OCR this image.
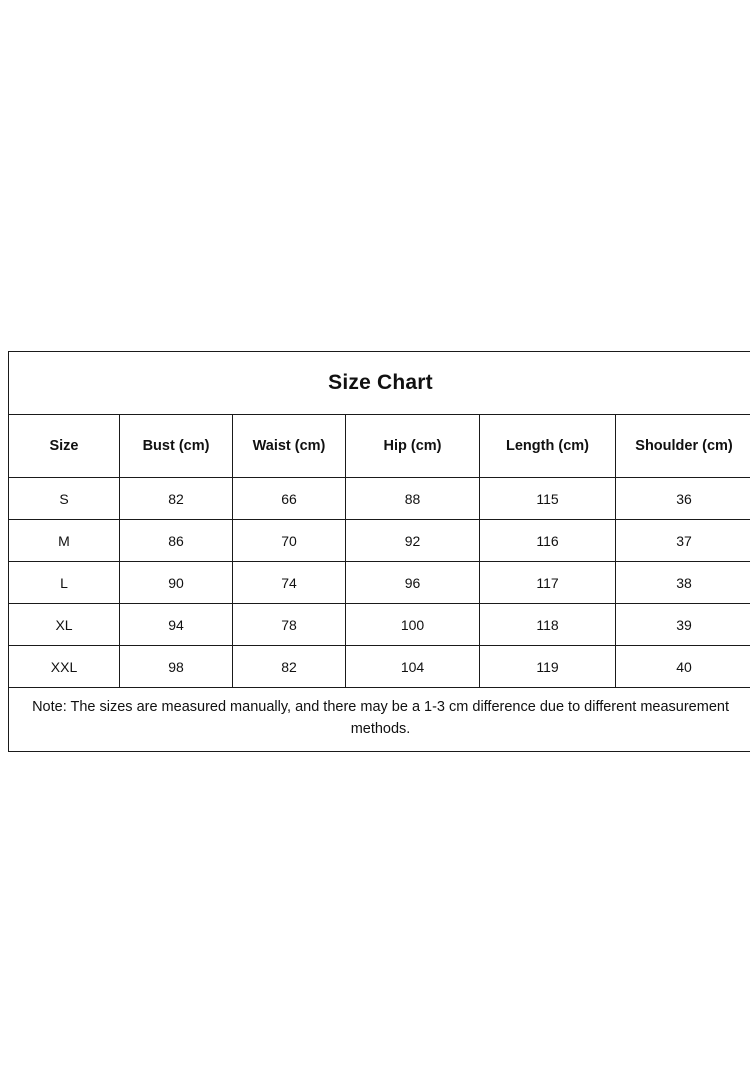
Size Chart					
Size	Bust (cm)	Waist (cm)	Hip (cm)	Length (cm)	Shoulder (cm)
S	82	66	88	115	36
M	86	70	92	116	37
L	90	74	96	117	38
XL	94	78	100	118	39
XXL	98	82	104	119	40
Note: The sizes are measured manually, and there may be a 1-3 cm difference due to different measurement methods.					
